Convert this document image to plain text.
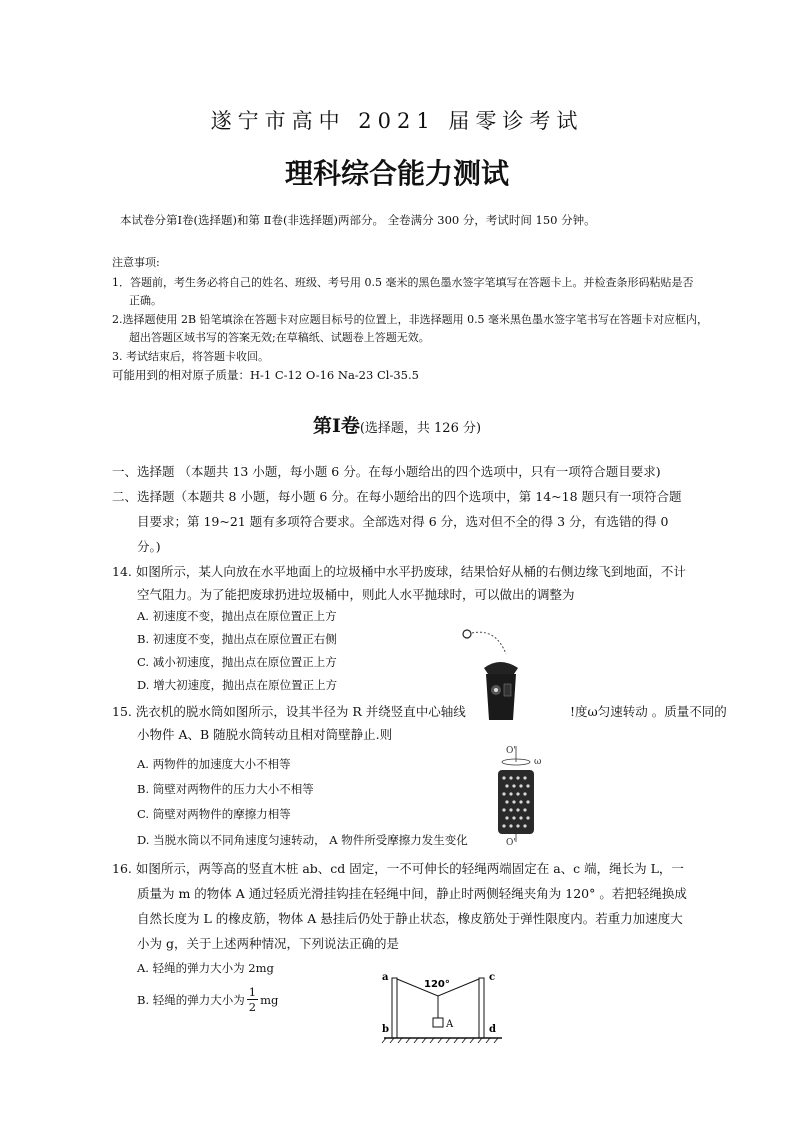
遂宁市高中 2021 届零诊考试
理科综合能力测试
本试卷分第Ⅰ卷(选择题)和第 Ⅱ卷(非选择题)两部分。 全卷满分 300 分，考试时间 150 分钟。
注意事项:
1．答题前，考生务必将自己的姓名、班级、考号用 0.5 毫米的黑色墨水签字笔填写在答题卡上。并检查条形码粘贴是否
正确。
2.选择题使用 2B 铅笔填涂在答题卡对应题目标号的位置上，非选择题用 0.5 毫米黑色墨水签字笔书写在答题卡对应框内，
超出答题区域书写的答案无效;在草稿纸、试题卷上答题无效。
3. 考试结束后，将答题卡收回。
可能用到的相对原子质量：H-1 C-12 O-16 Na-23 Cl-35.5
第Ⅰ卷(选择题，共 126 分)
一、选择题 （本题共 13 小题，每小题 6 分。在每小题给出的四个选项中，只有一项符合题目要求)
二、选择题（本题共 8 小题，每小题 6 分。在每小题给出的四个选项中，第 14~18 题只有一项符合题
目要求；第 19~21 题有多项符合要求。全部选对得 6 分，选对但不全的得 3 分，有选错的得 0
分。)
14. 如图所示，某人向放在水平地面上的垃圾桶中水平扔废球，结果恰好从桶的右侧边缘飞到地面，不计
空气阻力。为了能把废球扔进垃圾桶中，则此人水平抛球时，可以做出的调整为
A. 初速度不变，抛出点在原位置正上方
B. 初速度不变，抛出点在原位置正右侧
C. 减小初速度，抛出点在原位置正上方
D. 增大初速度，抛出点在原位置正上方
15. 洗衣机的脱水筒如图所示，设其半径为 R 并绕竖直中心轴线	!度ω匀速转动 。质量不同的
小物件 A、B 随脱水筒转动且相对筒壁静止.则
A. 两物件的加速度大小不相等
B. 筒壁对两物件的压力大小不相等
C. 筒壁对两物件的摩擦力相等
D. 当脱水筒以不同角速度匀速转动， A 物件所受摩擦力发生变化
O'
ω
O'
16. 如图所示，两等高的竖直木桩 ab、cd 固定，一不可伸长的轻绳两端固定在 a、c 端，绳长为 L，一
质量为 m 的物体 A 通过轻质光滑挂钩挂在轻绳中间，静止时两侧轻绳夹角为 120° 。若把轻绳换成
自然长度为 L 的橡皮筋，物体 A 悬挂后仍处于静止状态，橡皮筋处于弹性限度内。若重力加速度大
小为 g，关于上述两种情况，下列说法正确的是
A. 轻绳的弹力大小为 2mg
B. 轻绳的弹力大小为 $\frac{1}{2}$ mg
a	c
b	d
120°
A
